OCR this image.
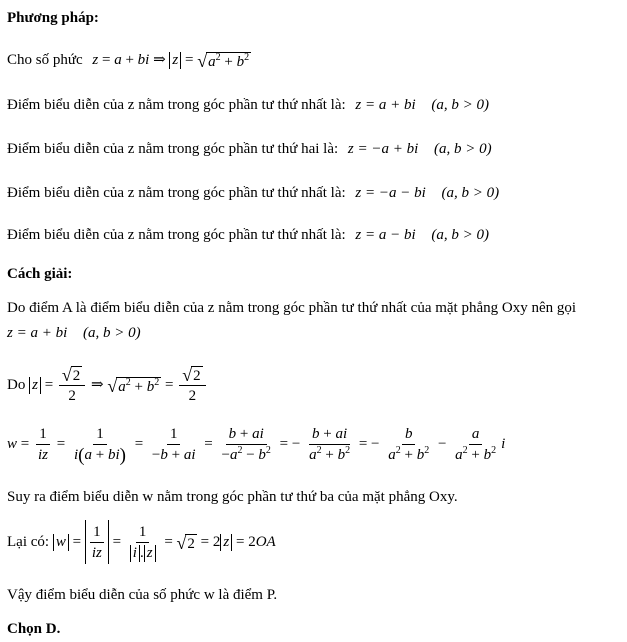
Phương pháp:
Cho số phức z = a + bi ⇒ z = √ $a^2 + b^2$
Điểm biểu diễn của z nằm trong góc phần tư thứ nhất là: z = a + bi (a, b > 0)
Điểm biểu diễn của z nằm trong góc phần tư thứ hai là: z = −a + bi (a, b > 0)
Điểm biểu diễn của z nằm trong góc phần tư thứ nhất là: z = −a − bi (a, b > 0)
Điểm biểu diễn của z nằm trong góc phần tư thứ nhất là: z = a − bi (a, b > 0)
Cách giải:
Do điểm A là điểm biểu diễn của z nằm trong góc phần tư thứ nhất của mặt phẳng Oxy nên gọi
z = a + bi (a, b > 0)
Do $z = \frac{√ 2}{2}$ ⇒ √ $a^2 + b^2 = \frac{√ 2}{2}$
$w = \frac{1}{iz} = \frac{1}{i(a + bi)} = \frac{1}{-b + ai} = \frac{b + ai}{-a^2 - b^2}$ = − $\frac{b + ai}{a^2 + b^2}$ = − $\frac{b}{a^2 + b^2} - \frac{a}{a^2 + b^2}$ i
Suy ra điểm biểu diễn w nằm trong góc phần tư thứ ba của mặt phẳng Oxy.
Lại có: $w = \frac{1}{iz} = \frac{1}{i . z}$ = √ 2 = 2 z = 2OA
Vậy điểm biểu diễn của số phức w là điểm P.
Chọn D.
